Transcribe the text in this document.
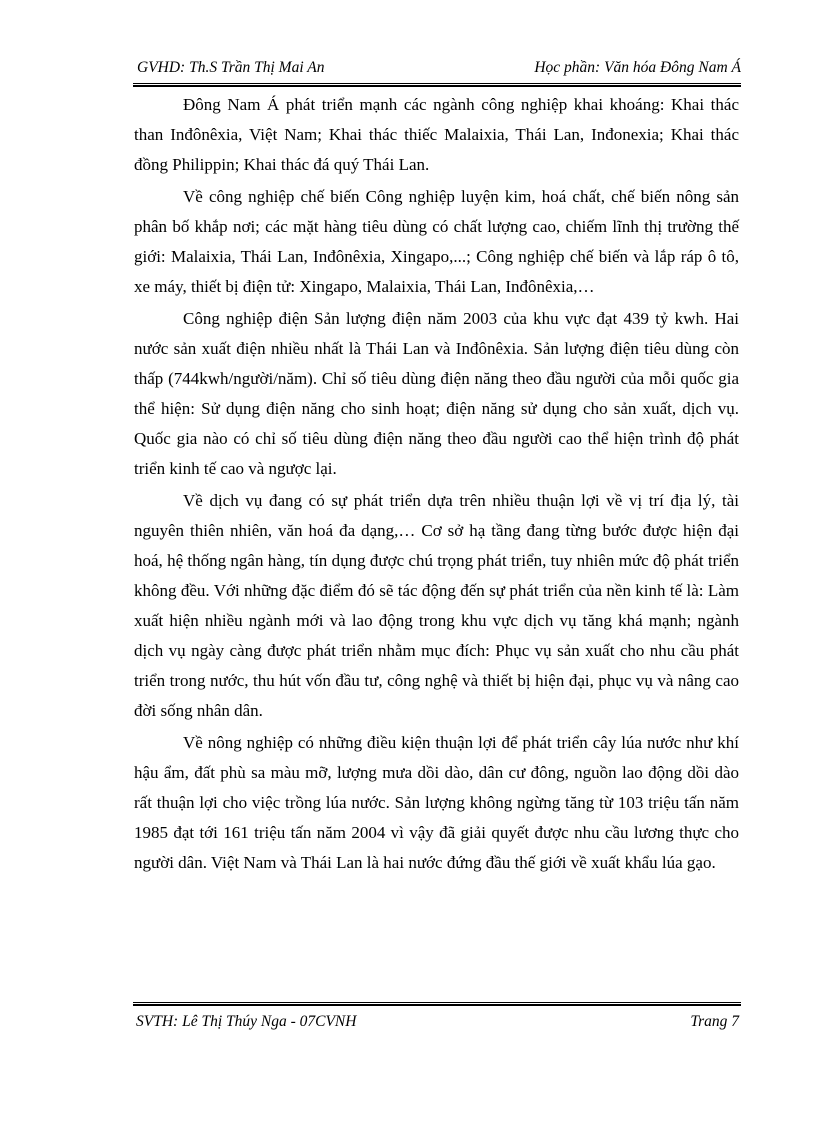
GVHD: Th.S Trần Thị Mai An	Học phần: Văn hóa Đông Nam Á

Đông Nam Á phát triển mạnh các ngành công nghiệp khai khoáng: Khai thác than Inđônêxia, Việt Nam; Khai thác thiếc Malaixia, Thái Lan, Inđonexia; Khai thác đồng Philippin; Khai thác đá quý Thái Lan.

Về công nghiệp chế biến Công nghiệp luyện kim, hoá chất, chế biến nông sản phân bố khắp nơi; các mặt hàng tiêu dùng có chất lượng cao, chiếm lĩnh thị trường thế giới: Malaixia, Thái Lan, Inđônêxia, Xingapo,...; Công nghiệp chế biến và lắp ráp ô tô, xe máy, thiết bị điện tử: Xingapo, Malaixia, Thái Lan, Inđônêxia,…

Công nghiệp điện Sản lượng điện năm 2003 của khu vực đạt 439 tỷ kwh. Hai nước sản xuất điện nhiều nhất là Thái Lan và Inđônêxia. Sản lượng điện tiêu dùng còn thấp (744kwh/người/năm). Chỉ số tiêu dùng điện năng theo đầu người của mỗi quốc gia thể hiện: Sử dụng điện năng cho sinh hoạt; điện năng sử dụng cho sản xuất, dịch vụ. Quốc gia nào có chỉ số tiêu dùng điện năng theo đầu người cao thể hiện trình độ phát triển kinh tế cao và ngược lại.

Về dịch vụ đang có sự phát triển dựa trên nhiều thuận lợi về vị trí địa lý, tài nguyên thiên nhiên, văn hoá đa dạng,… Cơ sở hạ tầng đang từng bước được hiện đại hoá, hệ thống ngân hàng, tín dụng được chú trọng phát triển, tuy nhiên mức độ phát triển không đều. Với những đặc điểm đó sẽ tác động đến sự phát triển của nền kinh tế là: Làm xuất hiện nhiều ngành mới và lao động trong khu vực dịch vụ tăng khá mạnh; ngành dịch vụ ngày càng được phát triển nhằm mục đích: Phục vụ sản xuất cho nhu cầu phát triển trong nước, thu hút vốn đầu tư, công nghệ và thiết bị hiện đại, phục vụ và nâng cao đời sống nhân dân.

Về nông nghiệp có những điều kiện thuận lợi để phát triển cây lúa nước như khí hậu ẩm, đất phù sa màu mỡ, lượng mưa dồi dào, dân cư đông, nguồn lao động dồi dào rất thuận lợi cho việc trồng lúa nước. Sản lượng không ngừng tăng từ 103 triệu tấn năm 1985 đạt tới 161 triệu tấn năm 2004 vì vậy đã giải quyết được nhu cầu lương thực cho người dân. Việt Nam và Thái Lan là hai nước đứng đầu thế giới về xuất khẩu lúa gạo.

SVTH: Lê Thị Thúy Nga - 07CVNH	Trang 7
